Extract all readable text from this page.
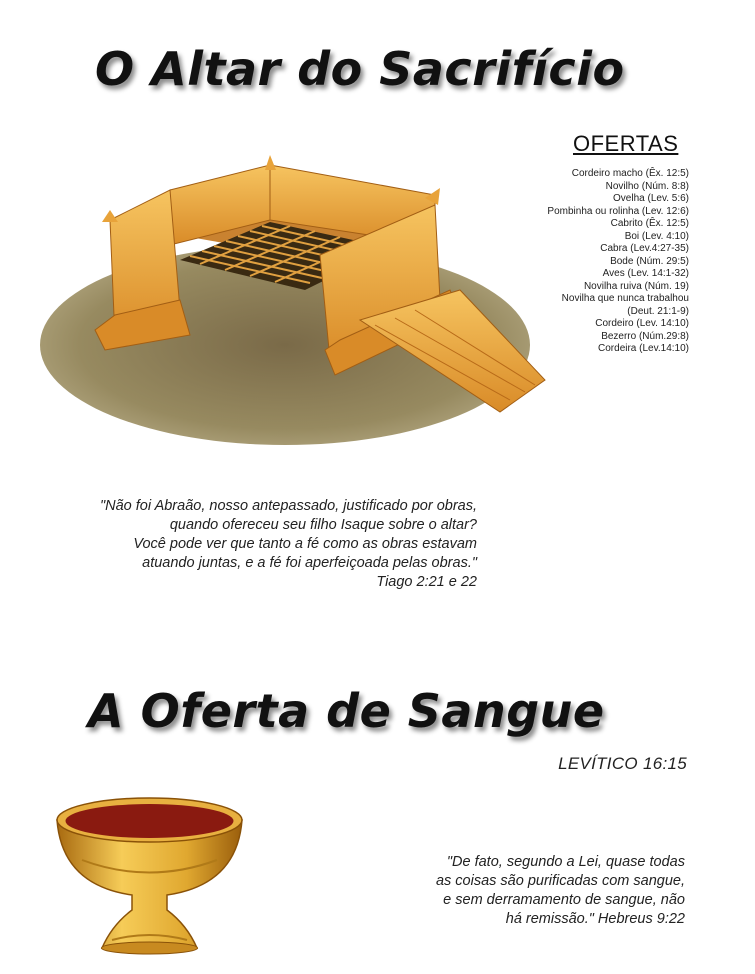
O Altar do Sacrifício
OFERTAS
Cordeiro macho (Êx. 12:5)
Novilho (Núm. 8:8)
Ovelha (Lev. 5:6)
Pombinha ou rolinha (Lev. 12:6)
Cabrito (Êx. 12:5)
Boi (Lev. 4:10)
Cabra (Lev.4:27-35)
Bode (Núm. 29:5)
Aves (Lev. 14:1-32)
Novilha ruiva (Núm. 19)
Novilha que nunca trabalhou
(Deut. 21:1-9)
Cordeiro (Lev. 14:10)
Bezerro (Núm.29:8)
Cordeira (Lev.14:10)
"Não foi Abraão, nosso antepassado, justificado por obras,
quando ofereceu seu filho Isaque sobre o altar?
Você pode ver que tanto a fé como as obras estavam
atuando juntas, e a fé foi aperfeiçoada pelas obras."
Tiago 2:21 e 22
A Oferta de Sangue
LEVÍTICO 16:15
"De fato, segundo a Lei, quase todas
as coisas são purificadas com sangue,
e sem derramamento de sangue, não
há remissão." Hebreus 9:22
